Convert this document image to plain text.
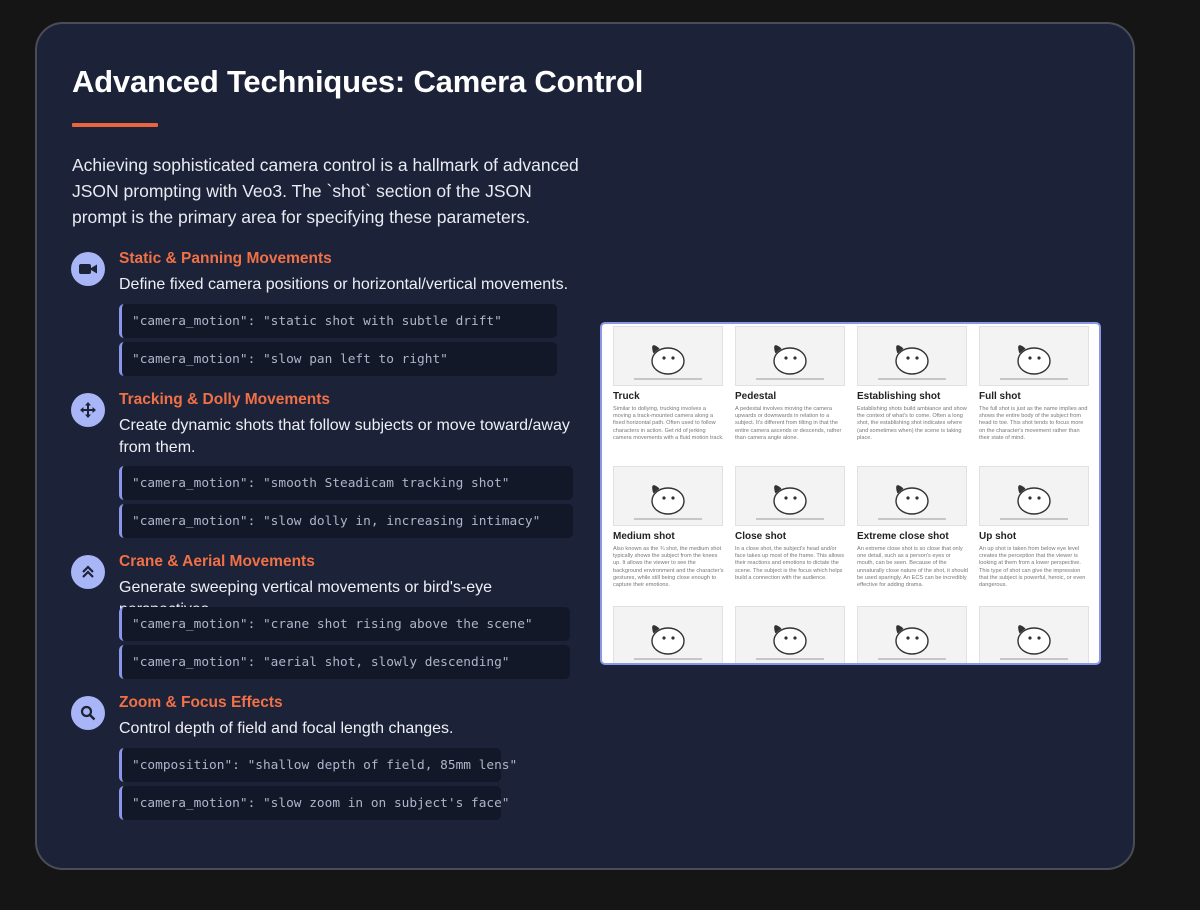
Advanced Techniques: Camera Control

Achieving sophisticated camera control is a hallmark of advanced JSON prompting with Veo3. The `shot` section of the JSON prompt is the primary area for specifying these parameters.

Static & Panning Movements

Define fixed camera positions or horizontal/vertical movements.

"camera_motion": "static shot with subtle drift"
"camera_motion": "slow pan left to right"
Tracking & Dolly Movements

Create dynamic shots that follow subjects or move toward/away from them.

"camera_motion": "smooth Steadicam tracking shot"
"camera_motion": "slow dolly in, increasing intimacy"
Crane & Aerial Movements

Generate sweeping vertical movements or bird's-eye

"camera_motion": "crane shot rising above the scene"
"camera_motion": "aerial shot, slowly descending"
Zoom & Focus Effects

Control depth of field and focal length changes.

"composition": "shallow depth of field, 85mm lens"
"camera_motion": "slow zoom in on subject's face"

Truck

Similar to dollying, trucking involves a moving a track-mounted camera along a fixed horizontal path. Often used to follow characters in action. Get rid of jerking camera movements with a fluid motion track.

Pedestal

A pedestal involves moving the camera upwards or downwards in relation to a subject. It's different from tilting in that the entire camera ascends or descends, rather than camera angle alone.

Establishing shot

Establishing shots build ambiance and show the context of what's to come. Often a long shot, the establishing shot indicates where (and sometimes when) the scene is taking place.

Full shot

The full shot is just as the name implies and shows the entire body of the subject from head to toe. This shot tends to focus more on the character's movement rather than their state of mind.

Medium shot

Also known as the ¾ shot, the medium shot typically shows the subject from the knees up. It allows the viewer to see the background environment and the character's gestures, while still being close enough to capture their emotions.

Close shot

In a close shot, the subject's head and/or face takes up most of the frame. This allows their reactions and emotions to dictate the scene. The subject is the focus which helps build a connection with the audience.

Extreme close shot

An extreme close shot is so close that only one detail, such as a person's eyes or mouth, can be seen. Because of the unnaturally close nature of the shot, it should be used sparingly. An ECS can be incredibly effective for adding drama.

Up shot

An up shot is taken from below eye level creates the perception that the viewer is looking at them from a lower perspective. This type of shot can give the impression that the subject is powerful, heroic, or even dangerous.
